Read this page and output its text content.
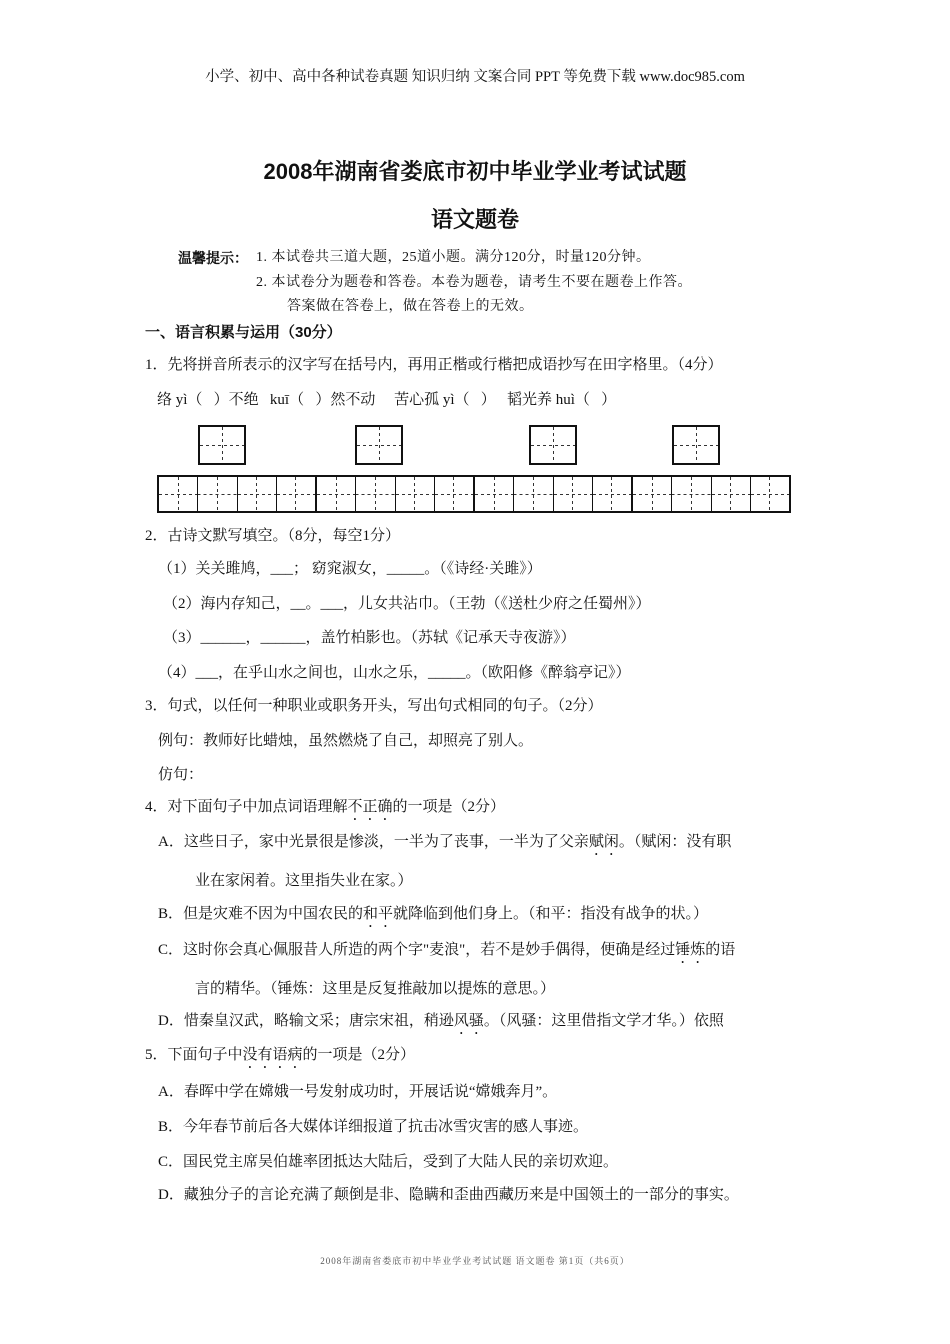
小学、初中、高中各种试卷真题 知识归纳 文案合同 PPT 等免费下载 www.doc985.com
2008年湖南省娄底市初中毕业学业考试试题
语文题卷
温馨提示： 1. 本试卷共三道大题，25道小题。满分120分，时量120分钟。
2. 本试卷分为题卷和答卷。本卷为题卷，请考生不要在题卷上作答。
答案做在答卷上，做在答卷上的无效。
一、语言积累与运用（30分）
1．先将拼音所表示的汉字写在括号内，再用正楷或行楷把成语抄写在田字格里。（4分）
络 yì（   ）不绝   kuī（   ）然不动     苦心孤 yì（   ）   韬光养 huì（   ）
2．古诗文默写填空。（8分，每空1分）
（1）关关雎鸠，___； 窈窕淑女，_____。（《诗经·关雎》）
（2）海内存知己，__。___，儿女共沾巾。（王勃（《送杜少府之任蜀州》）
（3）______，______，盖竹柏影也。（苏轼《记承天寺夜游》）
（4）___，在乎山水之间也，山水之乐，_____。（欧阳修《醉翁亭记》）
3．句式，以任何一种职业或职务开头，写出句式相同的句子。（2分）
例句：教师好比蜡烛，虽然燃烧了自己，却照亮了别人。
仿句：
4．对下面句子中加点词语理解不正确的一项是（2分）
A．这些日子，家中光景很是惨淡，一半为了丧事，一半为了父亲赋闲。（赋闲：没有职
业在家闲着。这里指失业在家。）
B．但是灾难不因为中国农民的和平就降临到他们身上。（和平：指没有战争的状。）
C．这时你会真心佩服昔人所造的两个字"麦浪"，若不是妙手偶得，便确是经过锤炼的语
言的精华。（锤炼：这里是反复推敲加以提炼的意思。）
D．惜秦皇汉武，略输文采；唐宗宋祖，稍逊风骚。（风骚：这里借指文学才华。）依照
5．下面句子中没有语病的一项是（2分）
A．春晖中学在嫦娥一号发射成功时，开展话说“嫦娥奔月”。
B．今年春节前后各大媒体详细报道了抗击冰雪灾害的感人事迹。
C．国民党主席吴伯雄率团抵达大陆后，受到了大陆人民的亲切欢迎。
D．藏独分子的言论充满了颠倒是非、隐瞒和歪曲西藏历来是中国领土的一部分的事实。
2008年湖南省娄底市初中毕业学业考试试题 语文题卷 第1页（共6页）
